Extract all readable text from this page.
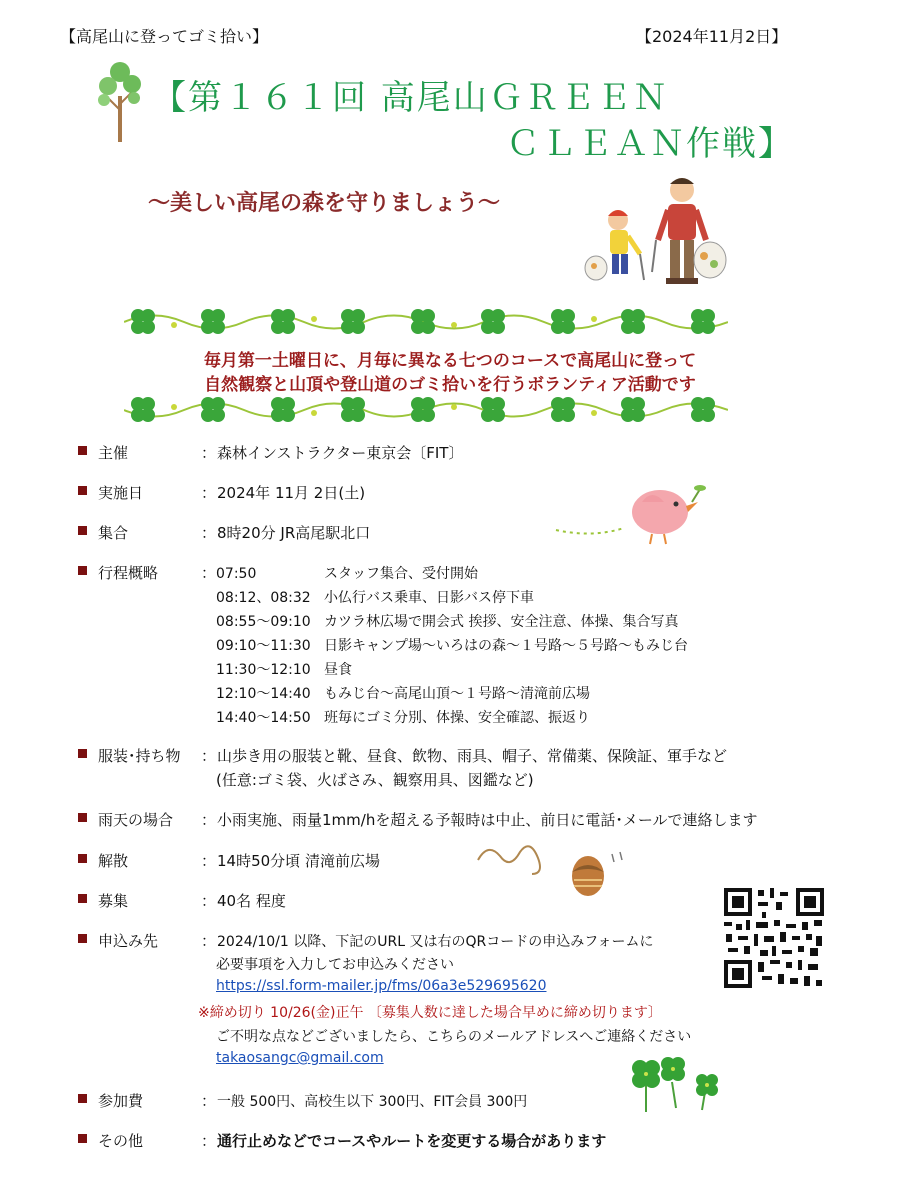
【高尾山に登ってゴミ拾い】	【2024年11月2日】
【第１６１回 高尾山ＧＲＥＥＮ
ＣＬＥＡＮ作戦】
～美しい高尾の森を守りましょう～
毎月第一土曜日に、月毎に異なる七つのコースで高尾山に登って
自然観察と山頂や登山道のゴミ拾いを行うボランティア活動です
主催	： 森林インストラクター東京会〔FIT〕
実施日	： 2024年 11月 2日(土)
集合	： 8時20分 JR高尾駅北口
行程概略	： 07:50	スタッフ集合、受付開始
08:12、08:32 小仏行バス乗車、日影バス停下車
08:55～09:10 カツラ林広場で開会式 挨拶、安全注意、体操、集合写真
09:10～11:30 日影キャンプ場～いろはの森～１号路～５号路～もみじ台
11:30～12:10 昼食
12:10～14:40 もみじ台～高尾山頂～１号路～清滝前広場
14:40～14:50 班毎にゴミ分別、体操、安全確認、振返り
服装･持ち物 ： 山歩き用の服装と靴、昼食、飲物、雨具、帽子、常備薬、保険証、軍手など
(任意:ゴミ袋、火ばさみ、観察用具、図鑑など)
雨天の場合 ： 小雨実施、雨量1mm/hを超える予報時は中止、前日に電話･メールで連絡します
解散	： 14時50分頃 清滝前広場
募集	： 40名 程度
申込み先	： 2024/10/1 以降、下記のURL 又は右のQRコードの申込みフォームに
必要事項を入力してお申込みください
https://ssl.form-mailer.jp/fms/06a3e529695620
※締め切り 10/26(金)正午 〔募集人数に達した場合早めに締め切ります〕
ご不明な点などございましたら、こちらのメールアドレスへご連絡ください
takaosangc@gmail.com
参加費	： 一般 500円、高校生以下 300円、FIT会員 300円
その他	： 通行止めなどでコースやルートを変更する場合があります
